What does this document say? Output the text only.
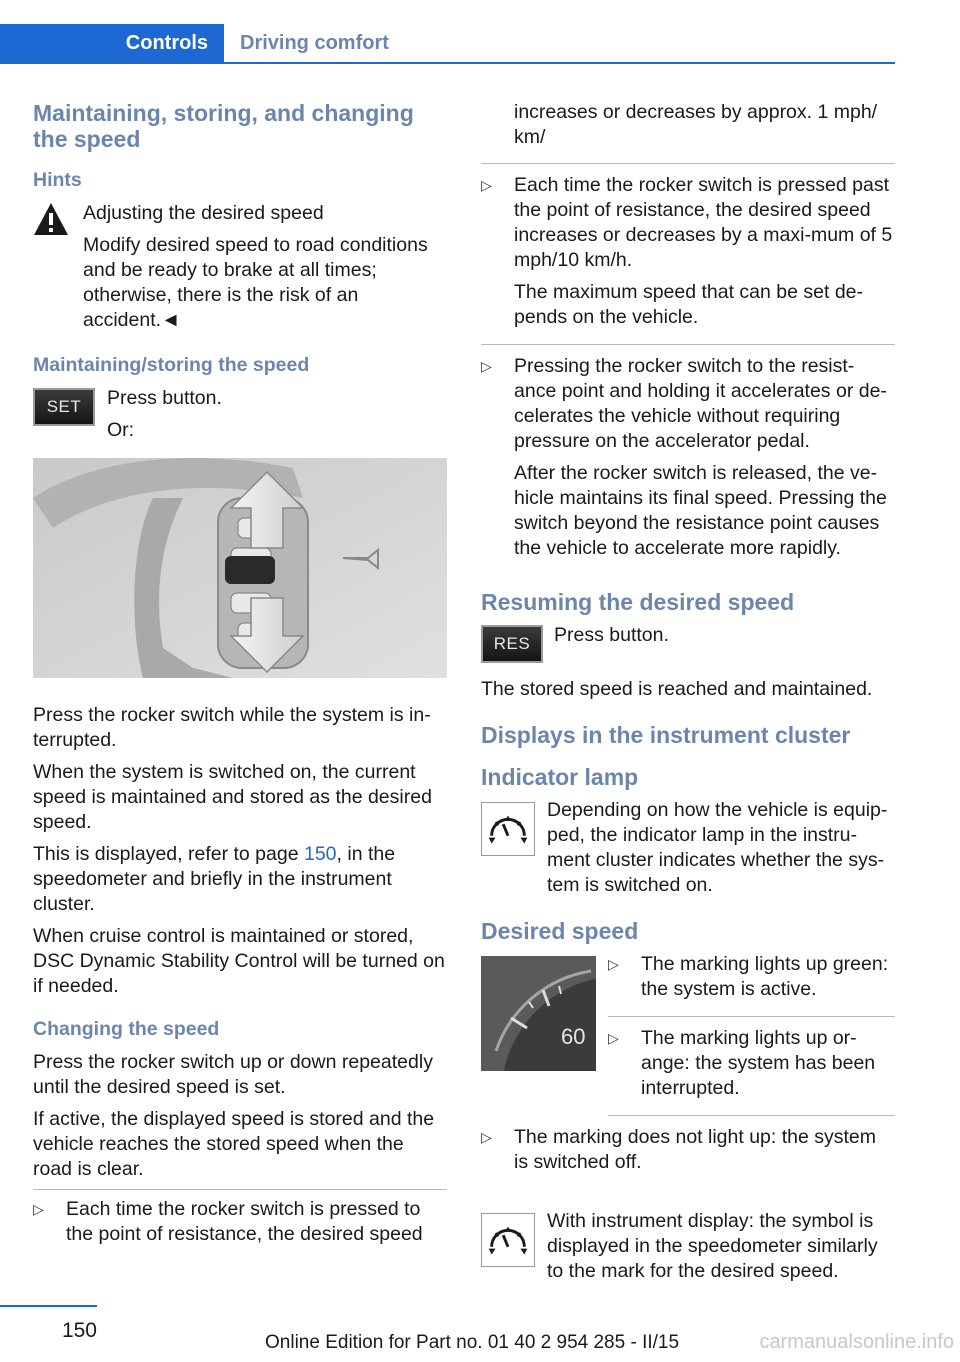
Controls	Driving comfort
Maintaining, storing, and changing the speed
Hints

Adjusting the desired speed

Modify desired speed to road conditions and be ready to brake at all times; otherwise, there is the risk of an accident.◄

Maintaining/storing the speed
SET	Press button.

Or:

Press the rocker switch while the system is in-terrupted.

When the system is switched on, the current speed is maintained and stored as the desired speed.

This is displayed, refer to page 150, in the speedometer and briefly in the instrument cluster.

When cruise control is maintained or stored, DSC Dynamic Stability Control will be turned on if needed.

Changing the speed

Press the rocker switch up or down repeatedly until the desired speed is set.

If active, the displayed speed is stored and the vehicle reaches the stored speed when the road is clear.

▷ Each time the rocker switch is pressed to the point of resistance, the desired speed

increases or decreases by approx. 1 mph/ km/

▷ Each time the rocker switch is pressed past the point of resistance, the desired speed increases or decreases by a maxi-mum of 5 mph/10 km/h.

The maximum speed that can be set de-pends on the vehicle.

▷ Pressing the rocker switch to the resist-ance point and holding it accelerates or de-celerates the vehicle without requiring pressure on the accelerator pedal.

After the rocker switch is released, the ve-hicle maintains its final speed. Pressing the switch beyond the resistance point causes the vehicle to accelerate more rapidly.

Resuming the desired speed
RES	Press button.

The stored speed is reached and maintained.

Displays in the instrument cluster
Indicator lamp

Depending on how the vehicle is equip-ped, the indicator lamp in the instru-ment cluster indicates whether the sys-tem is switched on.

Desired speed
60
▷ The marking lights up green: the system is active.

▷ The marking lights up or-ange: the system has been interrupted.

▷ The marking does not light up: the system is switched off.

With instrument display: the symbol is displayed in the speedometer similarly to the mark for the desired speed.

150
Online Edition for Part no. 01 40 2 954 285 - II/15	carmanualsonline.info
